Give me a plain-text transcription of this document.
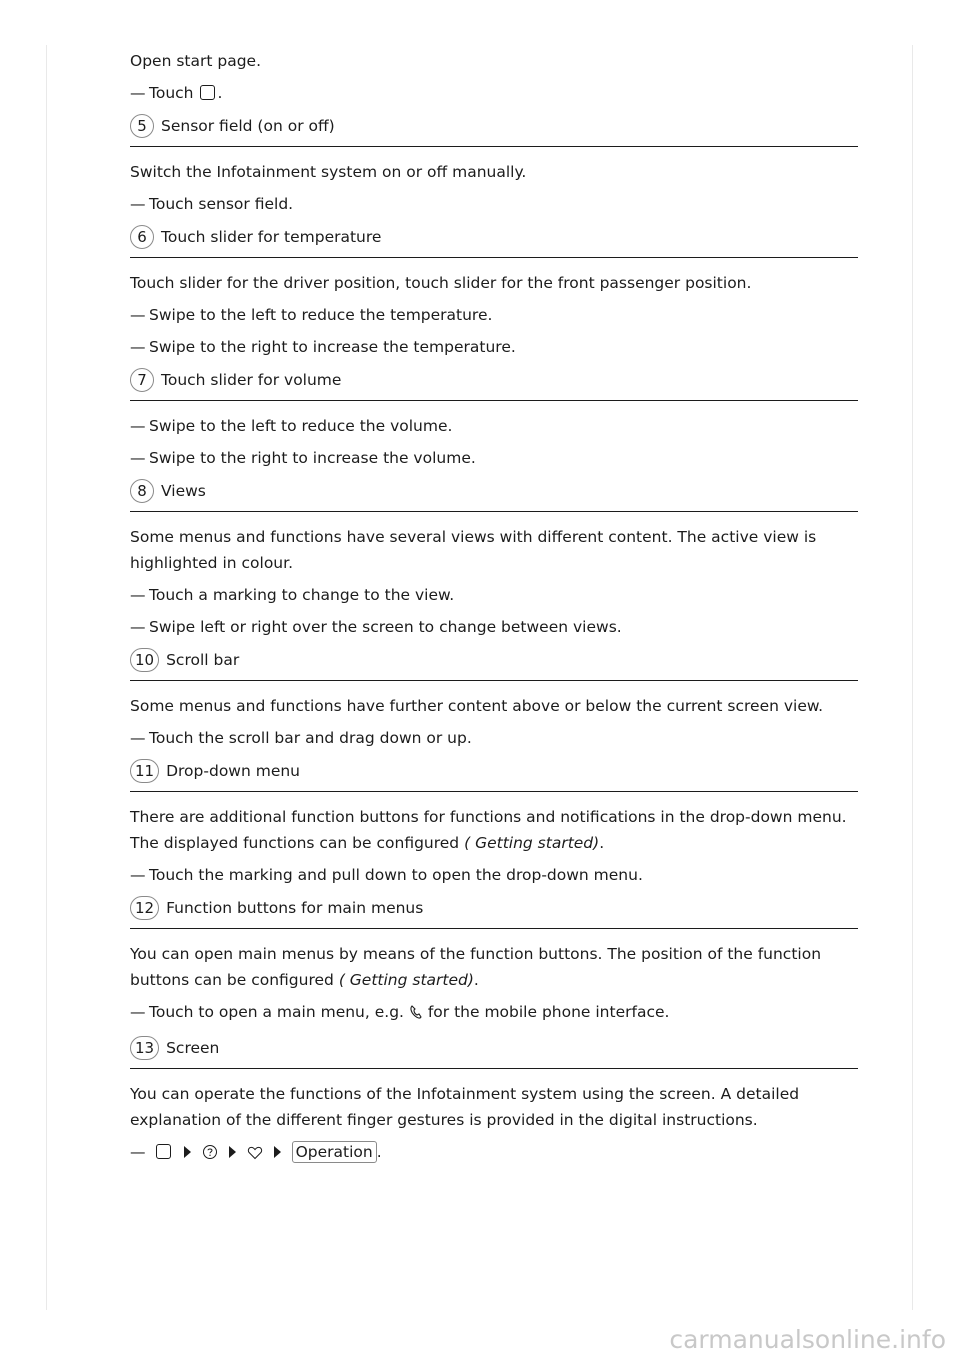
Open start page.

— Touch .

5 Sensor field (on or off)

Switch the Infotainment system on or off manually.

— Touch sensor field.

6 Touch slider for temperature

Touch slider for the driver position, touch slider for the front passenger position.

— Swipe to the left to reduce the temperature.

— Swipe to the right to increase the temperature.

7 Touch slider for volume

— Swipe to the left to reduce the volume.

— Swipe to the right to increase the volume.

8 Views

Some menus and functions have several views with different content. The active view is highlighted in colour.

— Touch a marking to change to the view.

— Swipe left or right over the screen to change between views.

10 Scroll bar

Some menus and functions have further content above or below the current screen view.

— Touch the scroll bar and drag down or up.

11 Drop-down menu

There are additional function buttons for functions and notifications in the drop-down menu. The displayed functions can be configured ( Getting started).

— Touch the marking and pull down to open the drop-down menu.

12 Function buttons for main menus

You can open main menus by means of the function buttons. The position of the function buttons can be configured ( Getting started).

— Touch to open a main menu, e.g. for the mobile phone interface.

13 Screen

You can operate the functions of the Infotainment system using the screen. A detailed explanation of the different finger gestures is provided in the digital instructions.

—	Operation .

carmanualsonline.info
